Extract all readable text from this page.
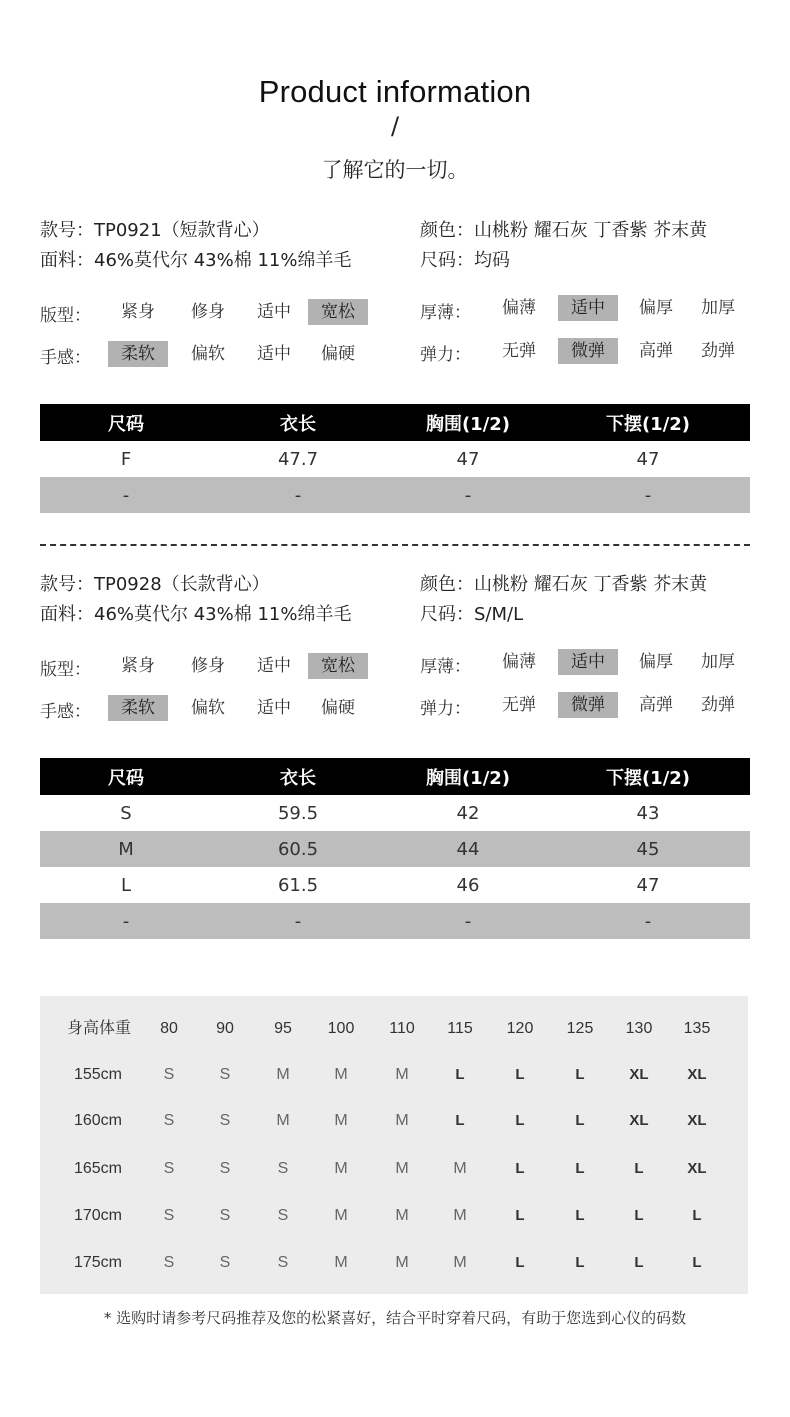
Product information
/
了解它的一切。
款号：TP0921（短款背心）
面料：46%莫代尔 43%棉 11%绵羊毛
颜色：山桃粉 耀石灰 丁香紫 芥末黄
尺码：均码
版型：	紧身	修身	适中	宽松
手感：	柔软	偏软	适中	偏硬
厚薄：	偏薄	适中	偏厚	加厚
弹力：	无弹	微弹	高弹	劲弹
尺码	衣长	胸围(1/2)	下摆(1/2)
F	47.7	47	47
-	-	-	-
款号：TP0928（长款背心）
面料：46%莫代尔 43%棉 11%绵羊毛
颜色：山桃粉 耀石灰 丁香紫 芥末黄
尺码：S/M/L
版型：	紧身	修身	适中	宽松
手感：	柔软	偏软	适中	偏硬
厚薄：	偏薄	适中	偏厚	加厚
弹力：	无弹	微弹	高弹	劲弹
尺码	衣长	胸围(1/2)	下摆(1/2)
S	59.5	42	43
M	60.5	44	45
L	61.5	46	47
-	-	-	-
身高体重	80	90	95	100	110	115	120	125	130	135
155cm	S	S	M	M	M	L	L	L	XL	XL
160cm	S	S	M	M	M	L	L	L	XL	XL
165cm	S	S	S	M	M	M	L	L	L	XL
170cm	S	S	S	M	M	M	L	L	L	L
175cm	S	S	S	M	M	M	L	L	L	L
* 选购时请参考尺码推荐及您的松紧喜好，结合平时穿着尺码，有助于您选到心仪的码数
